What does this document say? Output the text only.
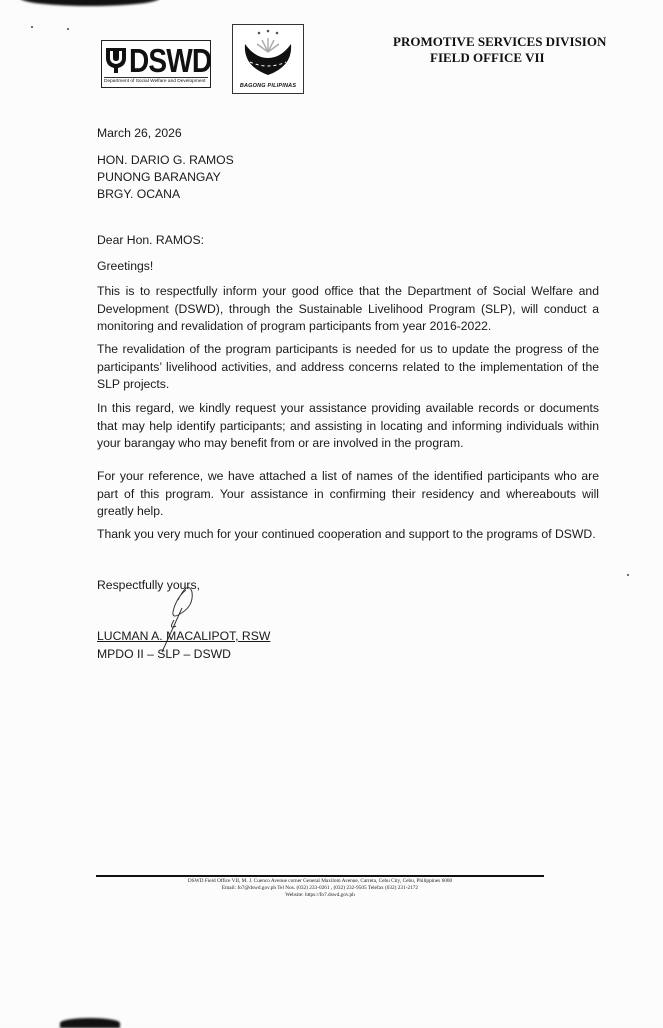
DSWD
Department of Social Welfare and Development
BAGONG PILIPINAS
PROMOTIVE SERVICES DIVISION
FIELD OFFICE VII
March 26, 2026
HON. DARIO G. RAMOS
PUNONG BARANGAY
BRGY. OCANA
Dear Hon. RAMOS:
Greetings!
This is to respectfully inform your good office that the Department of Social Welfare and Development (DSWD), through the Sustainable Livelihood Program (SLP), will conduct a monitoring and revalidation of program participants from year 2016-2022.
The revalidation of the program participants is needed for us to update the progress of the participants’ livelihood activities, and address concerns related to the implementation of the SLP projects.
In this regard, we kindly request your assistance providing available records or documents that may help identify participants; and assisting in locating and informing individuals within your barangay who may benefit from or are involved in the program.
For your reference, we have attached a list of names of the identified participants who are part of this program. Your assistance in confirming their residency and whereabouts will greatly help.
Thank you very much for your continued cooperation and support to the programs of DSWD.
Respectfully yours,
LUCMAN A. MACALIPOT, RSW
MPDO II – SLP – DSWD
DSWD Field Office VII, M. J. Cuenco Avenue corner General Maxilom Avenue, Carreta, Cebu City, Cebu, Philippines 6000
Email: fo7@dswd.gov.ph Tel Nos. (032) 233-0261 , (032) 232-9505 Telefax (032) 231-2172
Website: https://fo7.dswd.gov.ph
